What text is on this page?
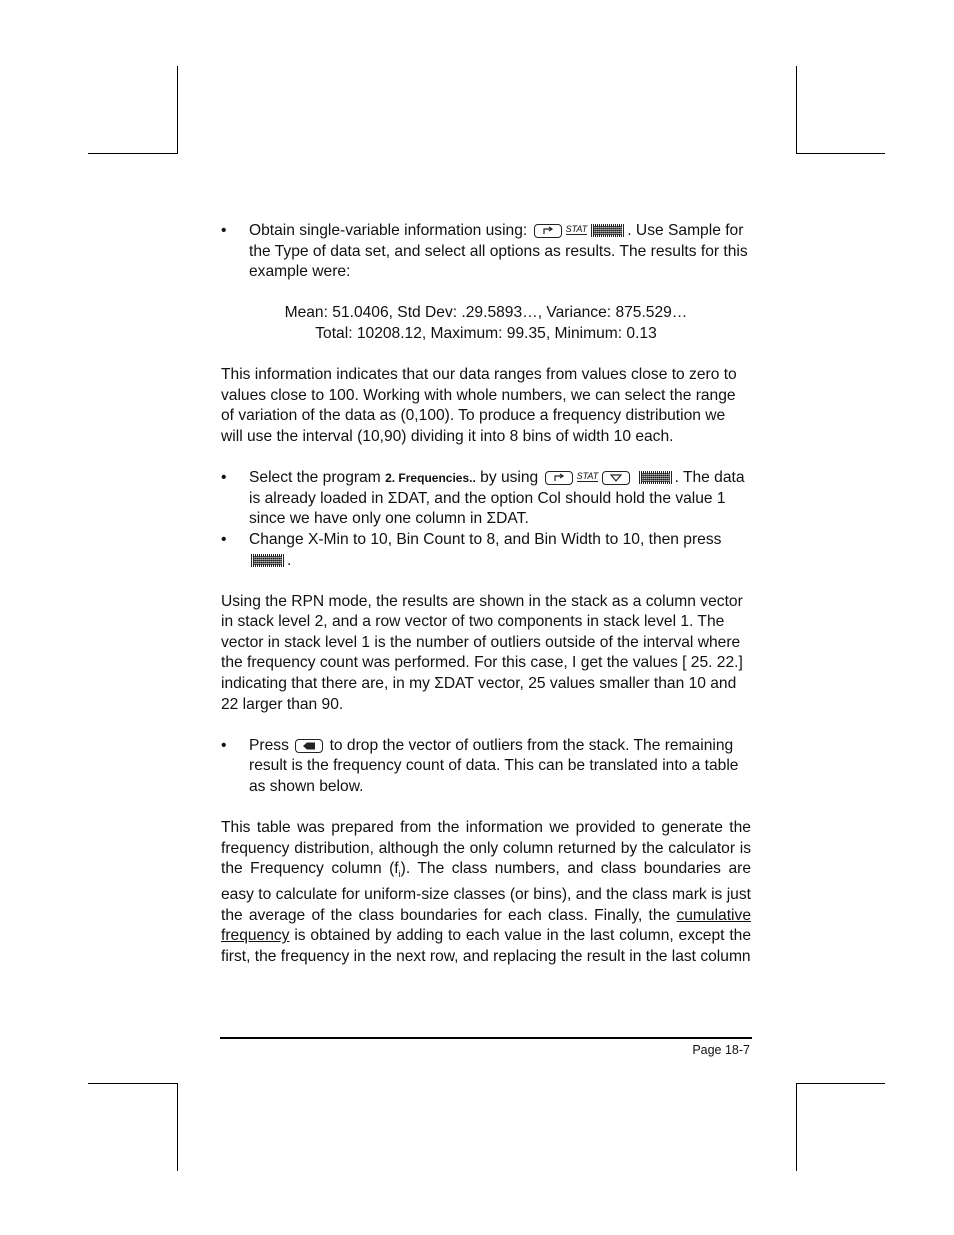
• Obtain single-variable information using:	STAT	. Use Sample for the Type of data set, and select all options as results. The results for this example were:

Mean: 51.0406, Std Dev: .29.5893…, Variance: 875.529…

Total: 10208.12, Maximum: 99.35, Minimum: 0.13

This information indicates that our data ranges from values close to zero to values close to 100. Working with whole numbers, we can select the range of variation of the data as (0,100). To produce a frequency distribution we will use the interval (10,90) dividing it into 8 bins of width 10 each.

• Select the program 2. Frequencies.. by using	STAT	. The data is already loaded in ΣDAT, and the option Col should hold the value 1 since we have only one column in ΣDAT.
• Change X-Min to 10, Bin Count to 8, and Bin Width to 10, then press .

Using the RPN mode, the results are shown in the stack as a column vector in stack level 2, and a row vector of two components in stack level 1. The vector in stack level 1 is the number of outliers outside of the interval where the frequency count was performed. For this case, I get the values [ 25. 22.] indicating that there are, in my ΣDAT vector, 25 values smaller than 10 and 22 larger than 90.

• Press	to drop the vector of outliers from the stack. The remaining result is the frequency count of data. This can be translated into a table as shown below.

This table was prepared from the information we provided to generate the frequency distribution, although the only column returned by the calculator is the Frequency column $(f_i)$. The class numbers, and class boundaries are easy to calculate for uniform-size classes (or bins), and the class mark is just the average of the class boundaries for each class. Finally, the cumulative frequency is obtained by adding to each value in the last column, except the first, the frequency in the next row, and replacing the result in the last column

Page 18-7
